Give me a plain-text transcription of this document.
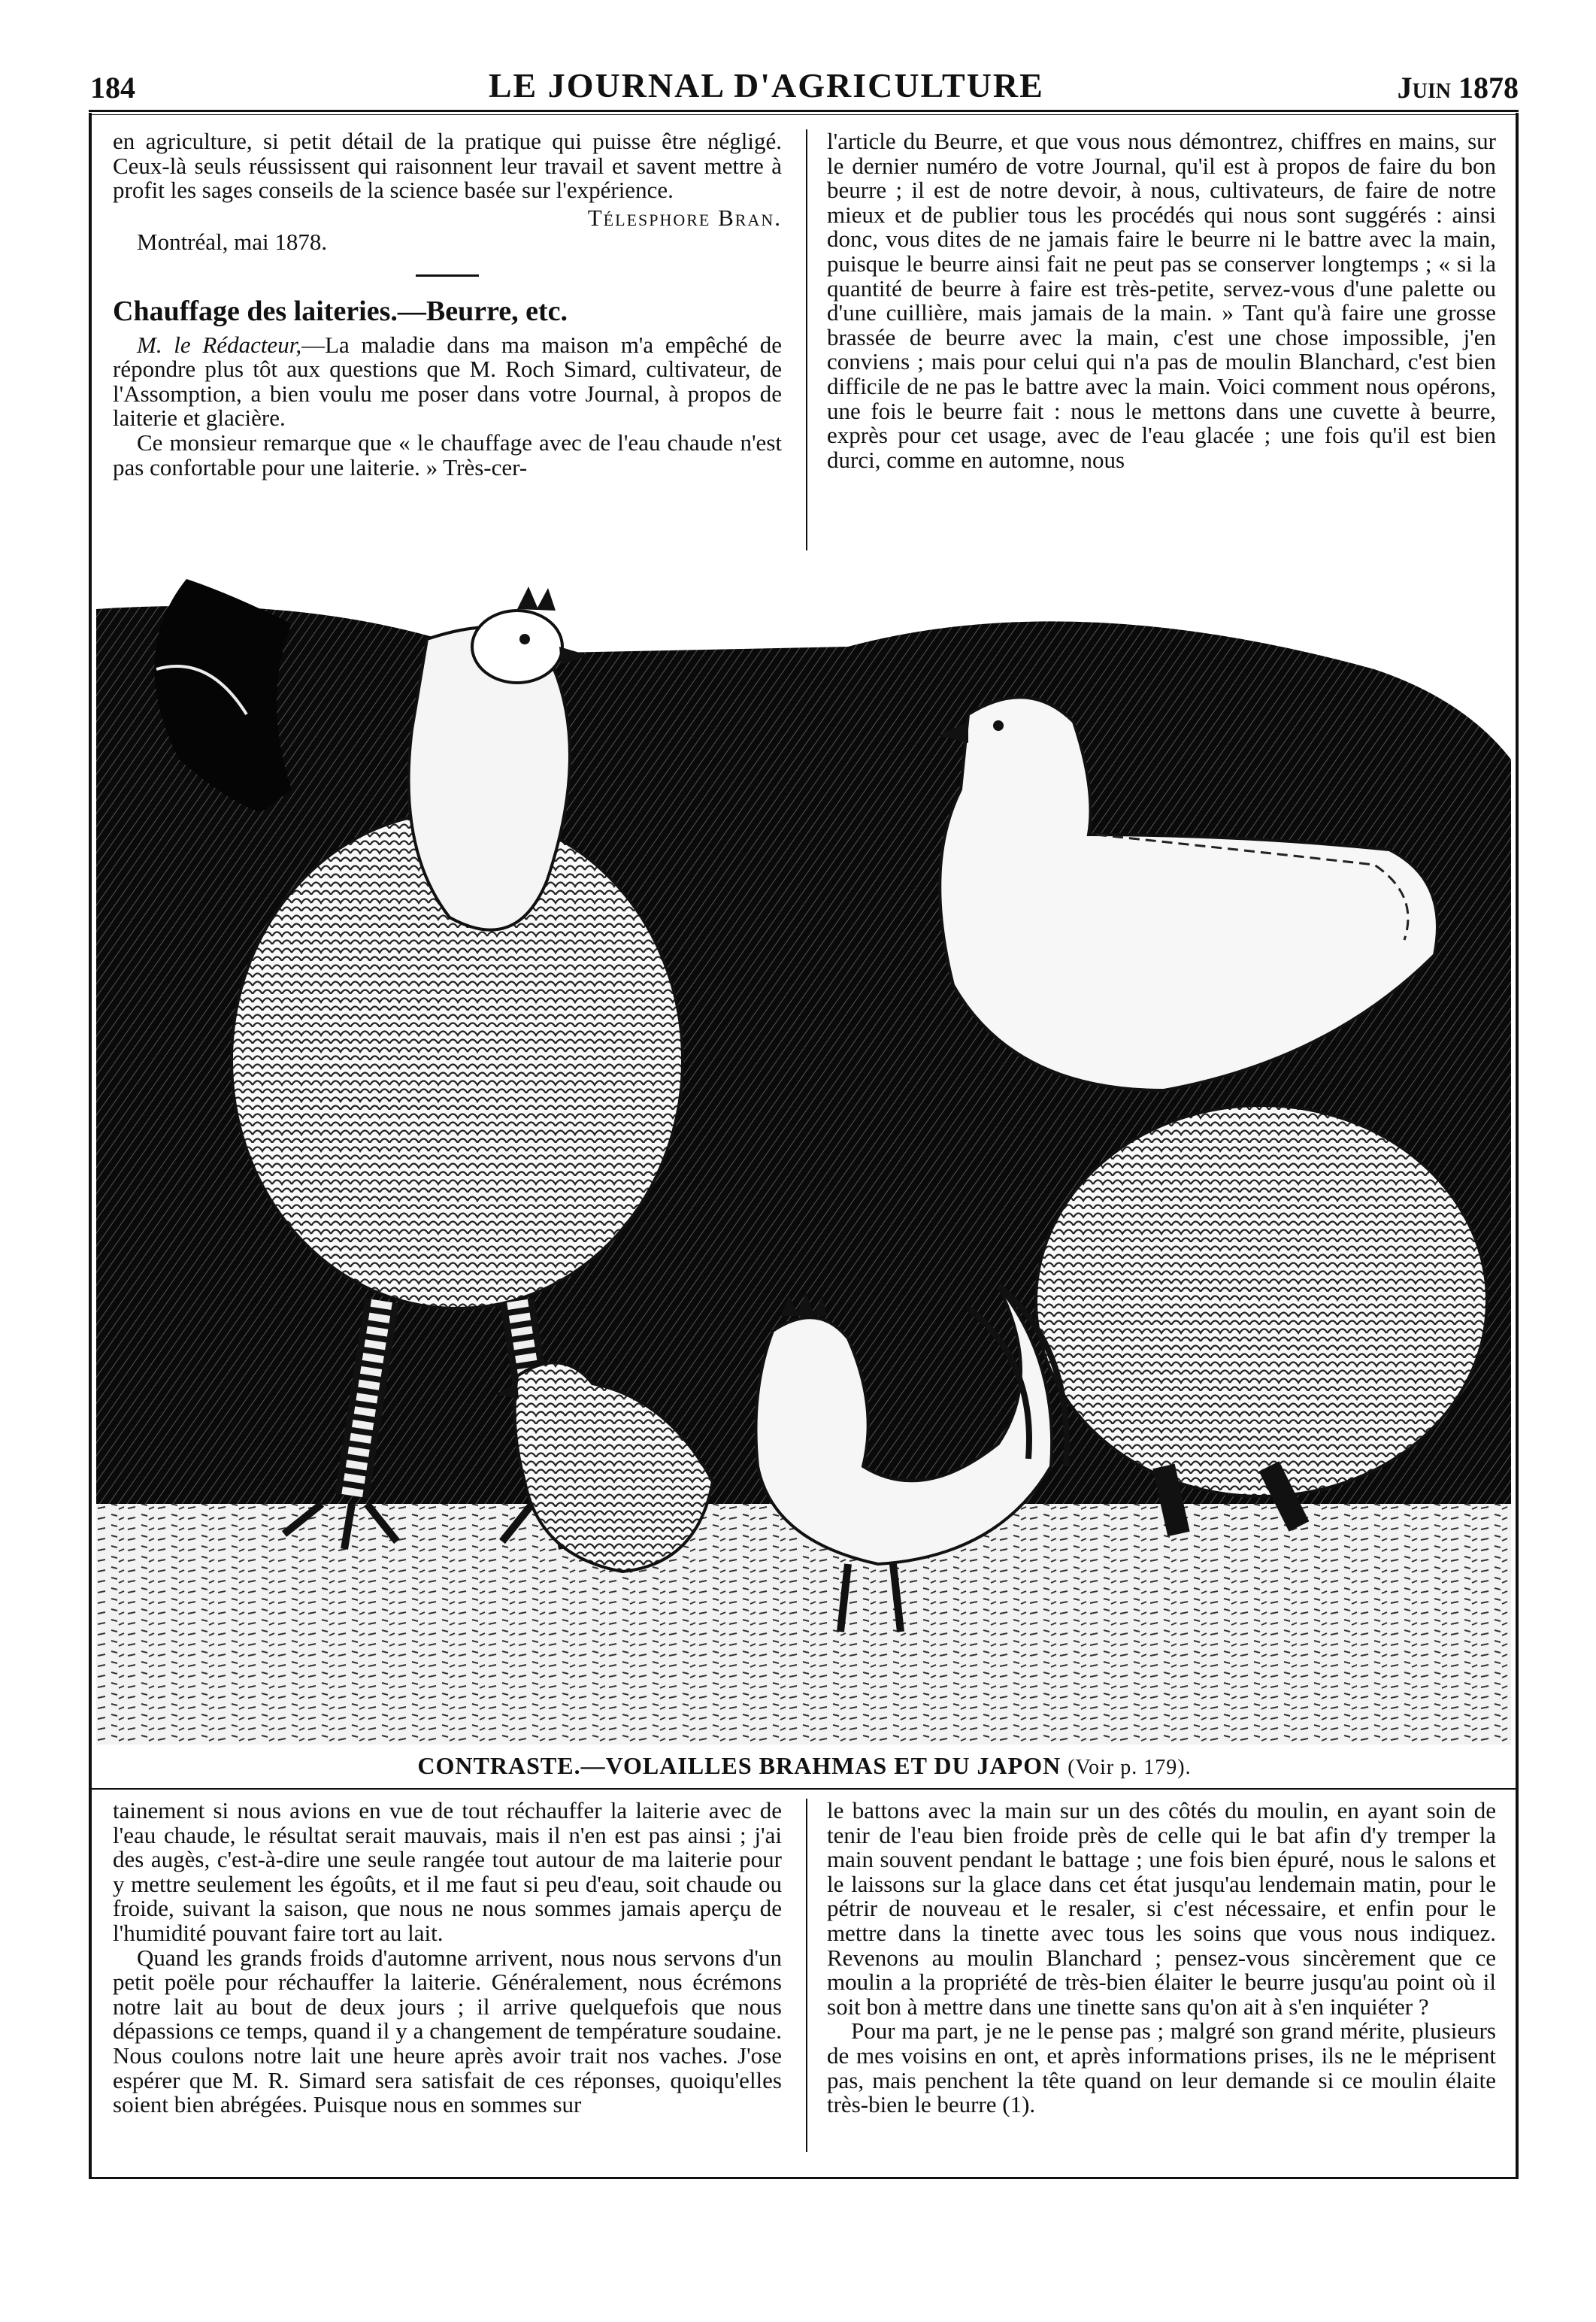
184	LE JOURNAL D'AGRICULTURE	Juin 1878

en agriculture, si petit détail de la pratique qui puisse être négligé. Ceux-là seuls réussissent qui raisonnent leur travail et savent mettre à profit les sages conseils de la science basée sur l'expérience.

Télesphore Bran.

Montréal, mai 1878.

Chauffage des laiteries.—Beurre, etc.

M. le Rédacteur,—La maladie dans ma maison m'a empêché de répondre plus tôt aux questions que M. Roch Simard, cultivateur, de l'Assomption, a bien voulu me poser dans votre Journal, à propos de laiterie et glacière.

Ce monsieur remarque que « le chauffage avec de l'eau chaude n'est pas confortable pour une laiterie. » Très-cer-

l'article du Beurre, et que vous nous démontrez, chiffres en mains, sur le dernier numéro de votre Journal, qu'il est à propos de faire du bon beurre ; il est de notre devoir, à nous, cultivateurs, de faire de notre mieux et de publier tous les procédés qui nous sont suggérés : ainsi donc, vous dites de ne jamais faire le beurre ni le battre avec la main, puisque le beurre ainsi fait ne peut pas se conserver longtemps ; « si la quantité de beurre à faire est très-petite, servez-vous d'une palette ou d'une cuillière, mais jamais de la main. » Tant qu'à faire une grosse brassée de beurre avec la main, c'est une chose impossible, j'en conviens ; mais pour celui qui n'a pas de moulin Blanchard, c'est bien difficile de ne pas le battre avec la main. Voici comment nous opérons, une fois le beurre fait : nous le mettons dans une cuvette à beurre, exprès pour cet usage, avec de l'eau glacée ; une fois qu'il est bien durci, comme en automne, nous

CONTRASTE.—VOLAILLES BRAHMAS ET DU JAPON (Voir p. 179).

tainement si nous avions en vue de tout réchauffer la laiterie avec de l'eau chaude, le résultat serait mauvais, mais il n'en est pas ainsi ; j'ai des augès, c'est-à-dire une seule rangée tout autour de ma laiterie pour y mettre seulement les égoûts, et il me faut si peu d'eau, soit chaude ou froide, suivant la saison, que nous ne nous sommes jamais aperçu de l'humidité pouvant faire tort au lait.

Quand les grands froids d'automne arrivent, nous nous servons d'un petit poële pour réchauffer la laiterie. Généralement, nous écrémons notre lait au bout de deux jours ; il arrive quelquefois que nous dépassions ce temps, quand il y a changement de température soudaine. Nous coulons notre lait une heure après avoir trait nos vaches. J'ose espérer que M. R. Simard sera satisfait de ces réponses, quoiqu'elles soient bien abrégées. Puisque nous en sommes sur

le battons avec la main sur un des côtés du moulin, en ayant soin de tenir de l'eau bien froide près de celle qui le bat afin d'y tremper la main souvent pendant le battage ; une fois bien épuré, nous le salons et le laissons sur la glace dans cet état jusqu'au lendemain matin, pour le pétrir de nouveau et le resaler, si c'est nécessaire, et enfin pour le mettre dans la tinette avec tous les soins que vous nous indiquez. Revenons au moulin Blanchard ; pensez-vous sincèrement que ce moulin a la propriété de très-bien élaiter le beurre jusqu'au point où il soit bon à mettre dans une tinette sans qu'on ait à s'en inquiéter ?

Pour ma part, je ne le pense pas ; malgré son grand mérite, plusieurs de mes voisins en ont, et après informations prises, ils ne le méprisent pas, mais penchent la tête quand on leur demande si ce moulin élaite très-bien le beurre (1).
